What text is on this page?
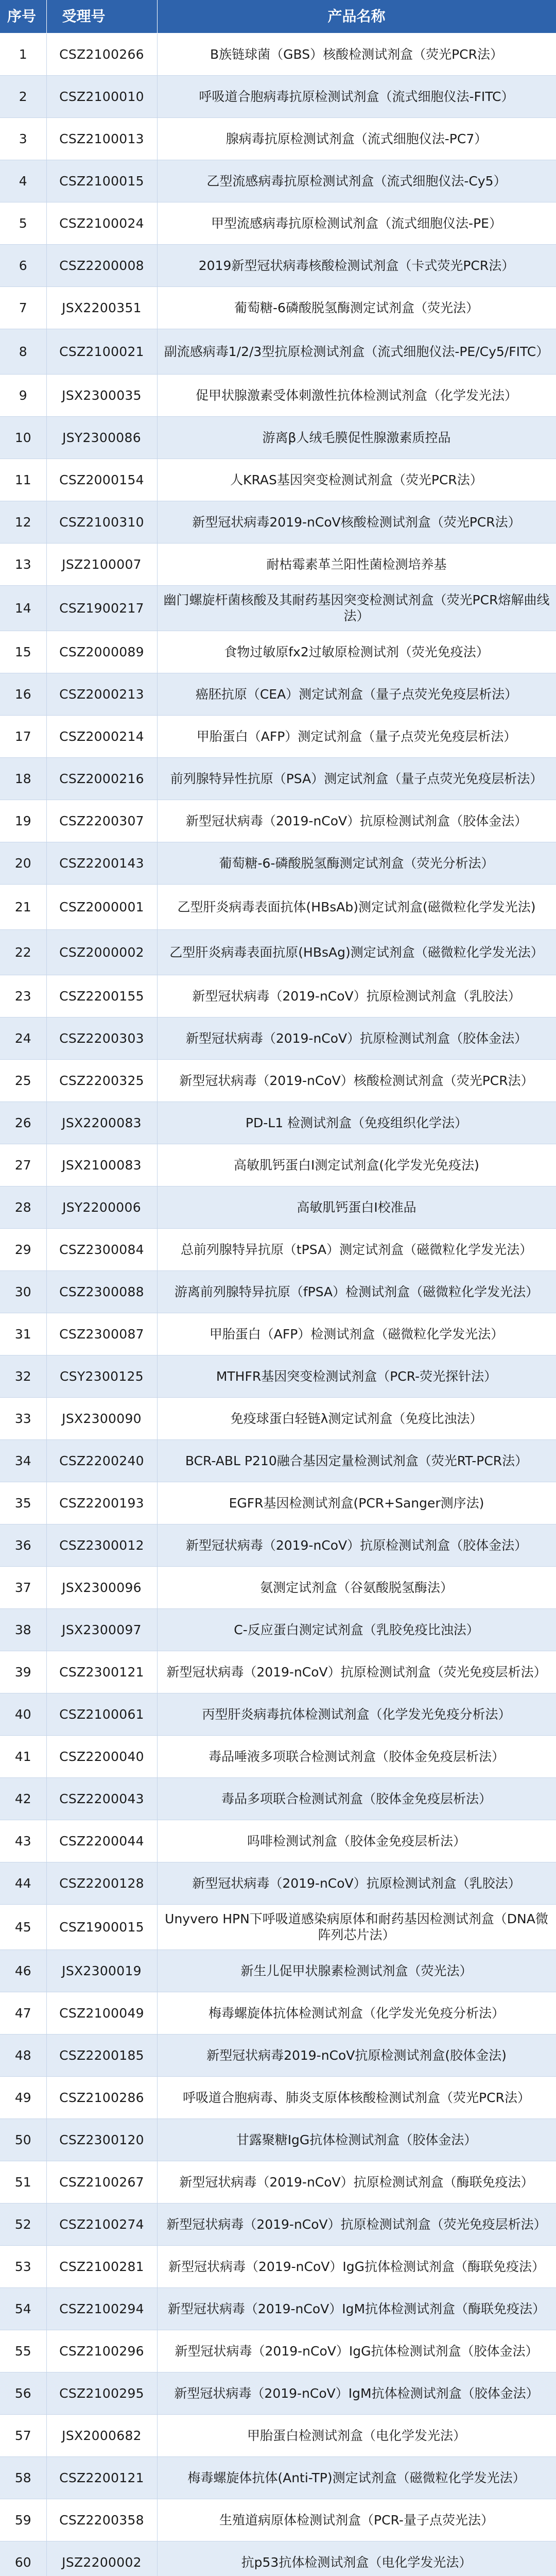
序号	受理号	产品名称
1	CSZ2100266	B族链球菌（GBS）核酸检测试剂盒（荧光PCR法）
2	CSZ2100010	呼吸道合胞病毒抗原检测试剂盒（流式细胞仪法-FITC）
3	CSZ2100013	腺病毒抗原检测试剂盒（流式细胞仪法-PC7）
4	CSZ2100015	乙型流感病毒抗原检测试剂盒（流式细胞仪法-Cy5）
5	CSZ2100024	甲型流感病毒抗原检测试剂盒（流式细胞仪法-PE）
6	CSZ2200008	2019新型冠状病毒核酸检测试剂盒（卡式荧光PCR法）
7	JSX2200351	葡萄糖-6磷酸脱氢酶测定试剂盒（荧光法）
8	CSZ2100021	副流感病毒1/2/3型抗原检测试剂盒（流式细胞仪法-PE/Cy5/FITC）
9	JSX2300035	促甲状腺激素受体刺激性抗体检测试剂盒（化学发光法）
10	JSY2300086	游离β人绒毛膜促性腺激素质控品
11	CSZ2000154	人KRAS基因突变检测试剂盒（荧光PCR法）
12	CSZ2100310	新型冠状病毒2019-nCoV核酸检测试剂盒（荧光PCR法）
13	JSZ2100007	耐枯霉素革兰阳性菌检测培养基
14	CSZ1900217	幽门螺旋杆菌核酸及其耐药基因突变检测试剂盒（荧光PCR熔解曲线法）
15	CSZ2000089	食物过敏原fx2过敏原检测试剂（荧光免疫法）
16	CSZ2000213	癌胚抗原（CEA）测定试剂盒（量子点荧光免疫层析法）
17	CSZ2000214	甲胎蛋白（AFP）测定试剂盒（量子点荧光免疫层析法）
18	CSZ2000216	前列腺特异性抗原（PSA）测定试剂盒（量子点荧光免疫层析法）
19	CSZ2200307	新型冠状病毒（2019-nCoV）抗原检测试剂盒（胶体金法）
20	CSZ2200143	葡萄糖-6-磷酸脱氢酶测定试剂盒（荧光分析法）
21	CSZ2000001	乙型肝炎病毒表面抗体(HBsAb)测定试剂盒(磁微粒化学发光法)
22	CSZ2000002	乙型肝炎病毒表面抗原(HBsAg)测定试剂盒（磁微粒化学发光法）
23	CSZ2200155	新型冠状病毒（2019-nCoV）抗原检测试剂盒（乳胶法）
24	CSZ2200303	新型冠状病毒（2019-nCoV）抗原检测试剂盒（胶体金法）
25	CSZ2200325	新型冠状病毒（2019-nCoV）核酸检测试剂盒（荧光PCR法）
26	JSX2200083	PD-L1 检测试剂盒（免疫组织化学法）
27	JSX2100083	高敏肌钙蛋白I测定试剂盒(化学发光免疫法)
28	JSY2200006	高敏肌钙蛋白I校准品
29	CSZ2300084	总前列腺特异抗原（tPSA）测定试剂盒（磁微粒化学发光法）
30	CSZ2300088	游离前列腺特异抗原（fPSA）检测试剂盒（磁微粒化学发光法）
31	CSZ2300087	甲胎蛋白（AFP）检测试剂盒（磁微粒化学发光法）
32	CSY2300125	MTHFR基因突变检测试剂盒（PCR-荧光探针法）
33	JSX2300090	免疫球蛋白轻链λ测定试剂盒（免疫比浊法）
34	CSZ2200240	BCR-ABL P210融合基因定量检测试剂盒（荧光RT-PCR法）
35	CSZ2200193	EGFR基因检测试剂盒(PCR+Sanger测序法)
36	CSZ2300012	新型冠状病毒（2019-nCoV）抗原检测试剂盒（胶体金法）
37	JSX2300096	氨测定试剂盒（谷氨酸脱氢酶法）
38	JSX2300097	C-反应蛋白测定试剂盒（乳胶免疫比浊法）
39	CSZ2300121	新型冠状病毒（2019-nCoV）抗原检测试剂盒（荧光免疫层析法）
40	CSZ2100061	丙型肝炎病毒抗体检测试剂盒（化学发光免疫分析法）
41	CSZ2200040	毒品唾液多项联合检测试剂盒（胶体金免疫层析法）
42	CSZ2200043	毒品多项联合检测试剂盒（胶体金免疫层析法）
43	CSZ2200044	吗啡检测试剂盒（胶体金免疫层析法）
44	CSZ2200128	新型冠状病毒（2019-nCoV）抗原检测试剂盒（乳胶法）
45	CSZ1900015	Unyvero HPN下呼吸道感染病原体和耐药基因检测试剂盒（DNA微阵列芯片法）
46	JSX2300019	新生儿促甲状腺素检测试剂盒（荧光法）
47	CSZ2100049	梅毒螺旋体抗体检测试剂盒（化学发光免疫分析法）
48	CSZ2200185	新型冠状病毒2019-nCoV抗原检测试剂盒(胶体金法)
49	CSZ2100286	呼吸道合胞病毒、肺炎支原体核酸检测试剂盒（荧光PCR法）
50	CSZ2300120	甘露聚糖IgG抗体检测试剂盒（胶体金法）
51	CSZ2100267	新型冠状病毒（2019-nCoV）抗原检测试剂盒（酶联免疫法）
52	CSZ2100274	新型冠状病毒（2019-nCoV）抗原检测试剂盒（荧光免疫层析法）
53	CSZ2100281	新型冠状病毒（2019-nCoV）IgG抗体检测试剂盒（酶联免疫法）
54	CSZ2100294	新型冠状病毒（2019-nCoV）IgM抗体检测试剂盒（酶联免疫法）
55	CSZ2100296	新型冠状病毒（2019-nCoV）IgG抗体检测试剂盒（胶体金法）
56	CSZ2100295	新型冠状病毒（2019-nCoV）IgM抗体检测试剂盒（胶体金法）
57	JSX2000682	甲胎蛋白检测试剂盒（电化学发光法）
58	CSZ2200121	梅毒螺旋体抗体(Anti-TP)测定试剂盒（磁微粒化学发光法）
59	CSZ2200358	生殖道病原体检测试剂盒（PCR-量子点荧光法）
60	JSZ2200002	抗p53抗体检测试剂盒（电化学发光法）
